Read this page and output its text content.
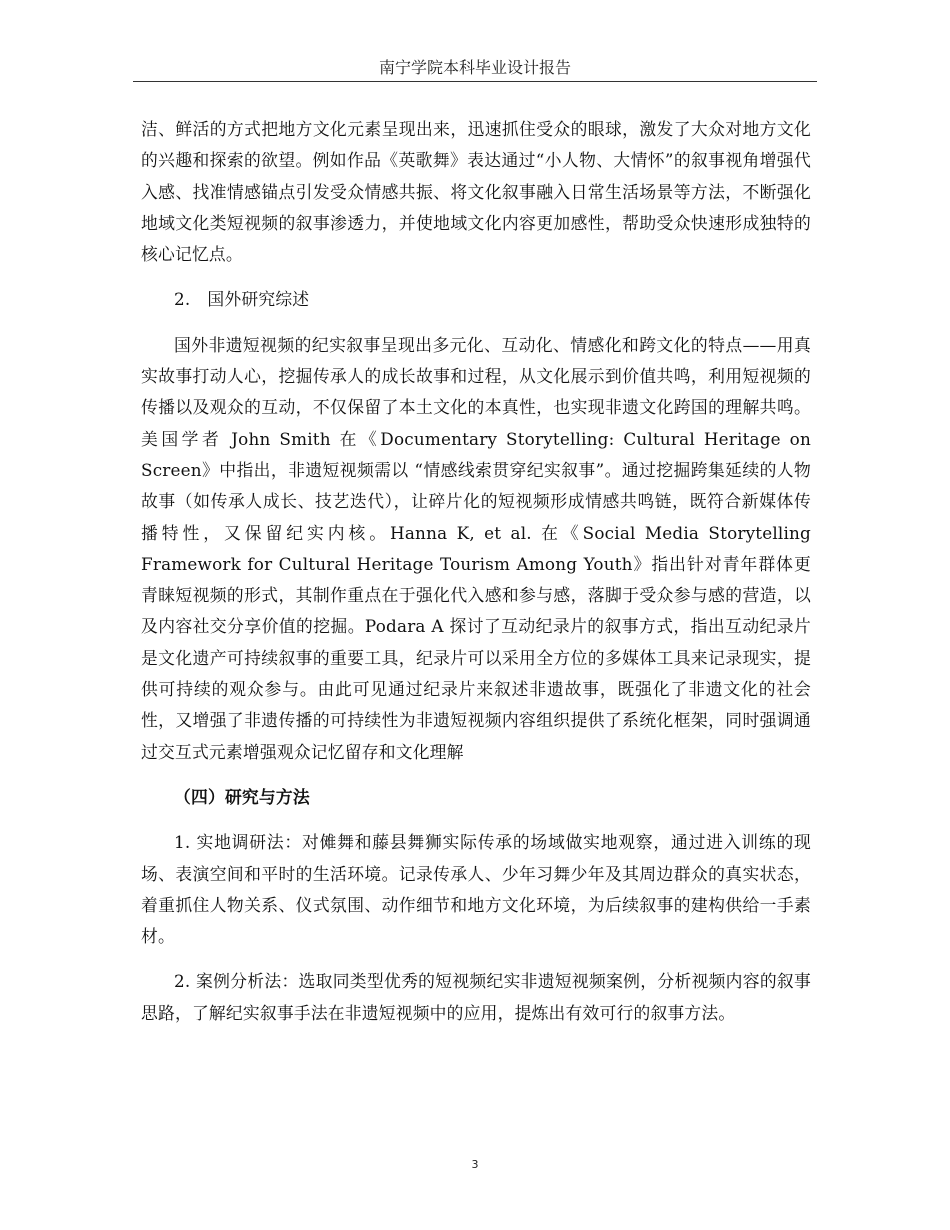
南宁学院本科毕业设计报告

洁、鲜活的方式把地方文化元素呈现出来，迅速抓住受众的眼球，激发了大众对地方文化的兴趣和探索的欲望。例如作品《英歌舞》表达通过“小人物、大情怀”的叙事视角增强代入感、找准情感锚点引发受众情感共振、将文化叙事融入日常生活场景等方法，不断强化地域文化类短视频的叙事渗透力，并使地域文化内容更加感性，帮助受众快速形成独特的核心记忆点。

2.　国外研究综述

国外非遗短视频的纪实叙事呈现出多元化、互动化、情感化和跨文化的特点——用真实故事打动人心，挖掘传承人的成长故事和过程，从文化展示到价值共鸣，利用短视频的传播以及观众的互动，不仅保留了本土文化的本真性，也实现非遗文化跨国的理解共鸣。美国学者 John Smith 在《Documentary Storytelling: Cultural Heritage on Screen》中指出，非遗短视频需以 “情感线索贯穿纪实叙事”。通过挖掘跨集延续的人物故事（如传承人成长、技艺迭代），让碎片化的短视频形成情感共鸣链，既符合新媒体传播特性，又保留纪实内核。Hanna K, et al. 在《Social Media Storytelling Framework for Cultural Heritage Tourism Among Youth》指出针对青年群体更青睐短视频的形式，其制作重点在于强化代入感和参与感，落脚于受众参与感的营造，以及内容社交分享价值的挖掘。Podara A 探讨了互动纪录片的叙事方式，指出互动纪录片是文化遗产可持续叙事的重要工具，纪录片可以采用全方位的多媒体工具来记录现实，提供可持续的观众参与。由此可见通过纪录片来叙述非遗故事，既强化了非遗文化的社会性，又增强了非遗传播的可持续性为非遗短视频内容组织提供了系统化框架，同时强调通过交互式元素增强观众记忆留存和文化理解

（四）研究与方法

1. 实地调研法：对傩舞和藤县舞狮实际传承的场域做实地观察，通过进入训练的现场、表演空间和平时的生活环境。记录传承人、少年习舞少年及其周边群众的真实状态，着重抓住人物关系、仪式氛围、动作细节和地方文化环境，为后续叙事的建构供给一手素材。

2. 案例分析法：选取同类型优秀的短视频纪实非遗短视频案例，分析视频内容的叙事思路，了解纪实叙事手法在非遗短视频中的应用，提炼出有效可行的叙事方法。

3
